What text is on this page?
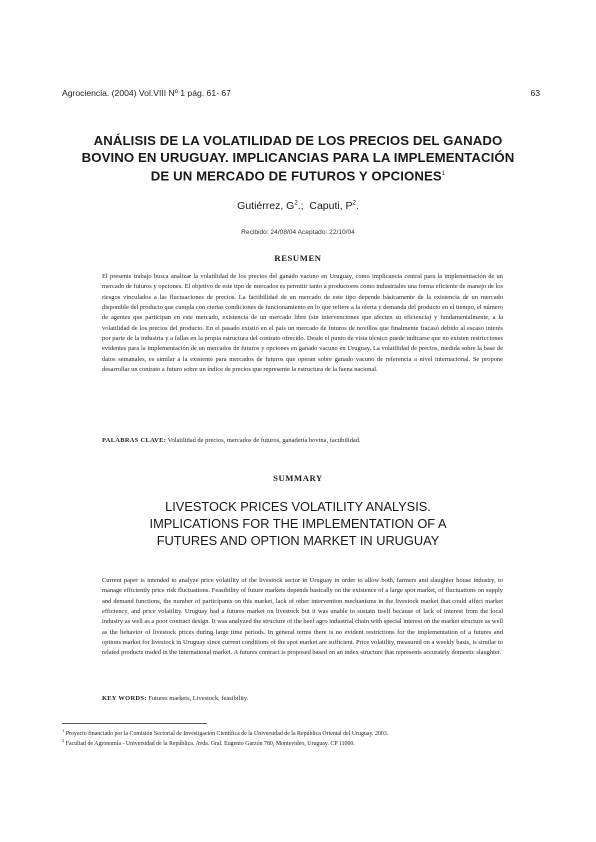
Agrociencia. (2004) Vol.VIII Nº 1 pág. 61- 67	63
ANÁLISIS DE LA VOLATILIDAD DE LOS PRECIOS DEL GANADO
BOVINO EN URUGUAY. IMPLICANCIAS PARA LA IMPLEMENTACIÓN
DE UN MERCADO DE FUTUROS Y OPCIONES$^1$
Gutiérrez, $G^2$.;  Caputi, $P^2$.
Recibido: 24/08/04 Aceptado: 22/10/04
RESUMEN
El presente trabajo busca analizar la volatilidad de los precios del ganado vacuno en Uruguay, como implicancia central para la implementación de un mercado de futuros y opciones. El objetivo de este tipo de mercados es permitir tanto a productores como industriales una forma eficiente de manejo de los riesgos vinculados a las fluctuaciones de precios. La factibilidad de un mercado de este tipo depende básicamente de la existencia de un mercado disponible del producto que cumpla con ciertas condiciones de funcionamiento en lo que refiere a la oferta y demanda del producto en el tiempo, el número de agentes que participan en este mercado, existencia de un mercado libre (sin intervenciones que afecten su eficiencia) y fundamentalmente, a la volatilidad de los precios del producto. En el pasado existió en el país un mercado de futuros de novillos que finalmente fracasó debido al escaso interés por parte de la industria y a fallas en la propia estructura del contrato ofrecido. Desde el punto de vista técnico puede indicarse que no existen restricciones evidentes para la implementación de un mercados de futuros y opciones en ganado vacuno en Uruguay. La volatilidad de precios, medida sobre la base de datos semanales, es similar a la existente para mercados de futuros que operan sobre ganado vacuno de referencia a nivel internacional. Se propone desarrollar un contrato a futuro sobre un índice de precios que represente la estructura de la faena nacional.
PALABRAS CLAVE: Volatilidad de precios, mercados de futuros, ganadería bovina, factibilidad.
SUMMARY
LIVESTOCK PRICES VOLATILITY ANALYSIS.
IMPLICATIONS FOR THE IMPLEMENTATION OF A
FUTURES AND OPTION MARKET IN URUGUAY
Current paper is intended to analyze price volatility of the livestock sector in Uruguay in order to allow both, farmers and slaughter house industry, to manage efficiently price risk fluctuations. Feasibility of future markets depends basically on the existence of a large spot market, of fluctuations on supply and demand functions, the number of participants on this market, lack of other intervention mechanisms in the livestock market that could affect market efficiency, and price volatility. Uruguay had a futures market on livestock but it was unable to sustain itself because of lack of interest from the local industry as well as a poor contract design. It was analyzed the structure of the beef agro industrial chain with special interest on the market structure as well as the behavior of livestock prices during large time periods. In general terms there is no evident restrictions for the implementation of a futures and options market for livestock in Uruguay since current conditions of the spot market are sufficient. Price volatility, measured on a weekly basis, is similar to related products traded in the international market. A futures contract is proposed based on an index structure that represents accurately domestic slaughter.
KEY WORDS: Futures markets, Livestock, feasibility.
$^1$ Proyecto financiado por la Comisión Sectorial de Investigación Científica de la Universidad de la República Oriental del Uruguay. 2003.
$^2$ Facultad de Agronomía - Universidad de la República. Avda. Gral. Eugenio Garzón 780, Montevideo, Uruguay. CP 11000.
